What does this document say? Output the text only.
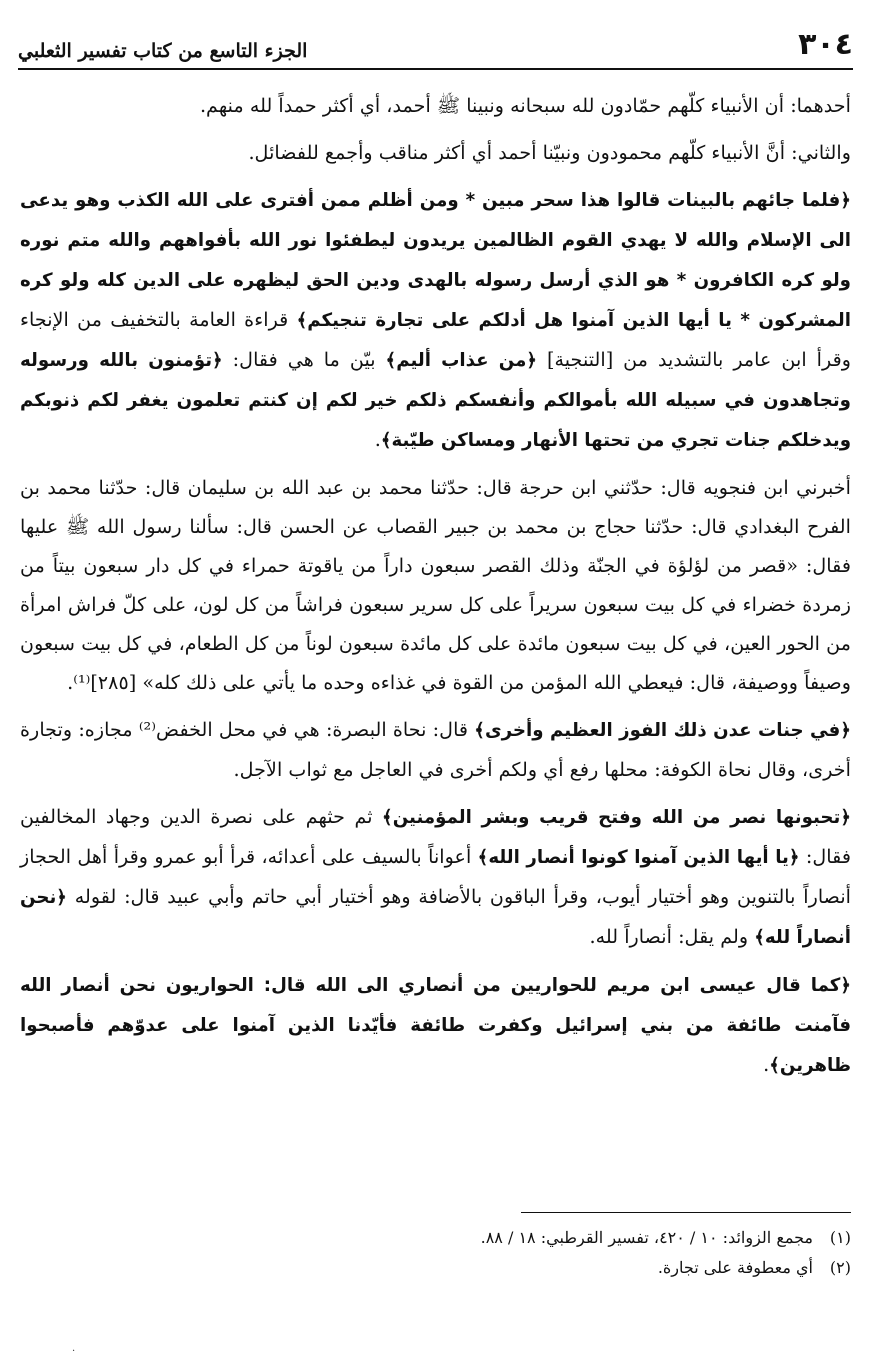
٣٠٤
الجزء التاسع من كتاب تفسير الثعلبي

أحدهما: أن الأنبياء كلّهم حمّادون لله سبحانه ونبينا ﷺ أحمد، أي أكثر حمداً لله منهم.

والثاني: أنَّ الأنبياء كلّهم محمودون ونبيّنا أحمد أي أكثر مناقب وأجمع للفضائل.

﴿فلما جائهم بالبينات قالوا هذا سحر مبين * ومن أظلم ممن أفترى على الله الكذب وهو يدعى الى الإسلام والله لا يهدي القوم الظالمين يريدون ليطفئوا نور الله بأفواههم والله متم نوره ولو كره الكافرون * هو الذي أرسل رسوله بالهدى ودين الحق ليظهره على الدين كله ولو كره المشركون * يا أيها الذين آمنوا هل أدلكم على تجارة تنجيكم﴾ قراءة العامة بالتخفيف من الإنجاء وقرأ ابن عامر بالتشديد من [التنجية] ﴿من عذاب أليم﴾ بيّن ما هي فقال: ﴿تؤمنون بالله ورسوله وتجاهدون في سبيله الله بأموالكم وأنفسكم ذلكم خير لكم إن كنتم تعلمون يغفر لكم ذنوبكم ويدخلكم جنات تجري من تحتها الأنهار ومساكن طيّبة﴾.

أخبرني ابن فنجويه قال: حدّثني ابن حرجة قال: حدّثنا محمد بن عبد الله بن سليمان قال: حدّثنا محمد بن الفرح البغدادي قال: حدّثنا حجاج بن محمد بن جبير القصاب عن الحسن قال: سألنا رسول الله ﷺ عليها فقال: «قصر من لؤلؤة في الجنّة وذلك القصر سبعون داراً من ياقوتة حمراء في كل دار سبعون بيتاً من زمردة خضراء في كل بيت سبعون سريراً على كل سرير سبعون فراشاً من كل لون، على كلّ فراش امرأة من الحور العين، في كل بيت سبعون مائدة على كل مائدة سبعون لوناً من كل الطعام، في كل بيت سبعون وصيفاً ووصيفة، قال: فيعطي الله المؤمن من القوة في غذاءه وحده ما يأتي على ذلك كله» [٢٨٥]⁽¹⁾.

﴿في جنات عدن ذلك الفوز العظيم وأخرى﴾ قال: نحاة البصرة: هي في محل الخفض⁽²⁾ مجازه: وتجارة أخرى، وقال نحاة الكوفة: محلها رفع أي ولكم أخرى في العاجل مع ثواب الآجل.

﴿تحبونها نصر من الله وفتح قريب وبشر المؤمنين﴾ ثم حثهم على نصرة الدين وجهاد المخالفين فقال: ﴿يا أيها الذين آمنوا كونوا أنصار الله﴾ أعواناً بالسيف على أعدائه، قرأ أبو عمرو وقرأ أهل الحجاز أنصاراً بالتنوين وهو أختيار أيوب، وقرأ الباقون بالأضافة وهو أختيار أبي حاتم وأبي عبيد قال: لقوله ﴿نحن أنصاراً لله﴾ ولم يقل: أنصاراً لله.

﴿كما قال عيسى ابن مريم للحواريين من أنصاري الى الله قال: الحواريون نحن أنصار الله فآمنت طائفة من بني إسرائيل وكفرت طائفة فأيّدنا الذين آمنوا على عدوّهم فأصبحوا ظاهرين﴾.

(١)
مجمع الزوائد: ١٠ / ٤٢٠، تفسير القرطبي: ١٨ / ٨٨.
(٢)
أي معطوفة على تجارة.
.
